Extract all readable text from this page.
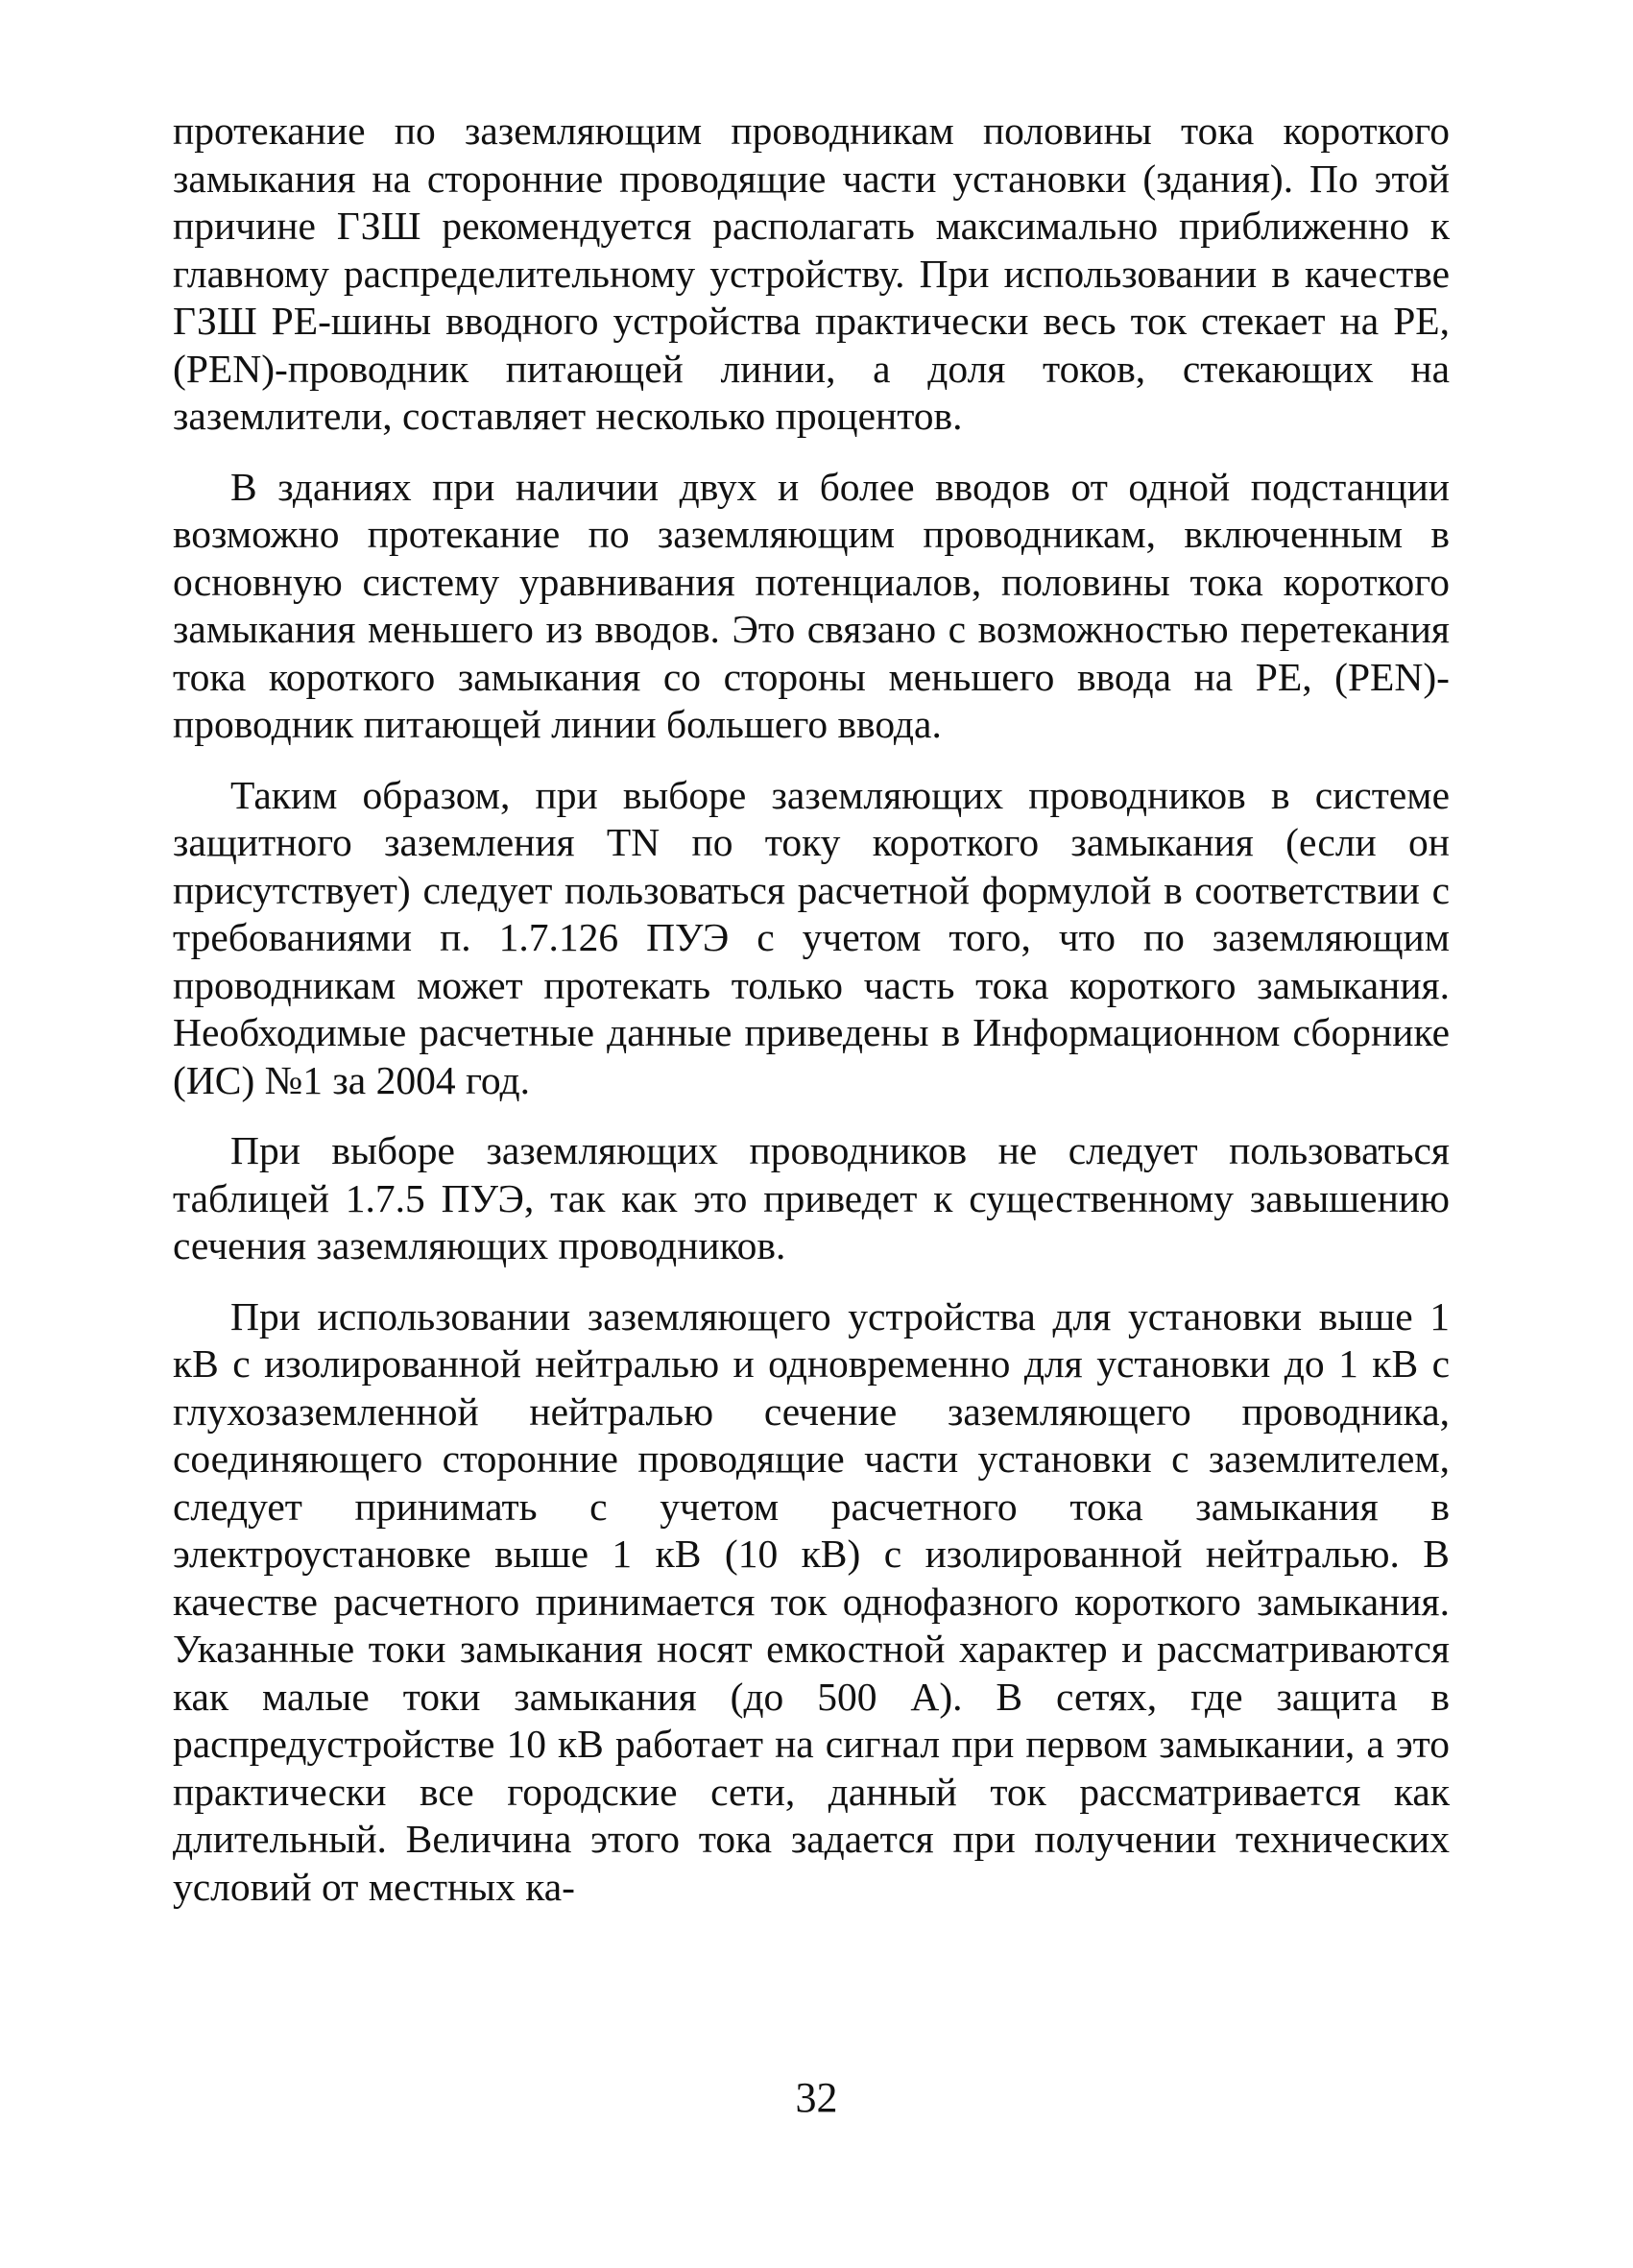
протекание по заземляющим проводникам половины тока короткого замыкания на сторонние проводящие части установки (здания). По этой причине ГЗШ рекомендуется располагать максимально приближенно к главному распределительному устройству. При использовании в качестве ГЗШ PE-шины вводного устройства практически весь ток стекает на PE, (PEN)-проводник питающей линии, а доля токов, стекающих на заземлители, составляет несколько процентов.

В зданиях при наличии двух и более вводов от одной подстанции возможно протекание по заземляющим проводникам, включенным в основную систему уравнивания потенциалов, половины тока короткого замыкания меньшего из вводов. Это связано с возможностью перетекания тока короткого замыкания со стороны меньшего ввода на PE, (PEN)-проводник питающей линии большего ввода.

Таким образом, при выборе заземляющих проводников в системе защитного заземления TN по току короткого замыкания (если он присутствует) следует пользоваться расчетной формулой в соответствии с требованиями п. 1.7.126 ПУЭ с учетом того, что по заземляющим проводникам может протекать только часть тока короткого замыкания. Необходимые расчетные данные приведены в Информационном сборнике (ИС) №1 за 2004 год.

При выборе заземляющих проводников не следует пользоваться таблицей 1.7.5 ПУЭ, так как это приведет к существенному завышению сечения заземляющих проводников.

При использовании заземляющего устройства для установки выше 1 кВ с изолированной нейтралью и одновременно для установки до 1 кВ с глухозаземленной нейтралью сечение заземляющего проводника, соединяющего сторонние проводящие части установки с заземлителем, следует принимать с учетом расчетного тока замыкания в электроустановке выше 1 кВ (10 кВ) с изолированной нейтралью. В качестве расчетного принимается ток однофазного короткого замыкания. Указанные токи замыкания носят емкостной характер и рассматриваются как малые токи замыкания (до 500 А). В сетях, где защита в распредустройстве 10 кВ работает на сигнал при первом замыкании, а это практически все городские сети, данный ток рассматривается как длительный. Величина этого тока задается при получении технических условий от местных ка-

32
